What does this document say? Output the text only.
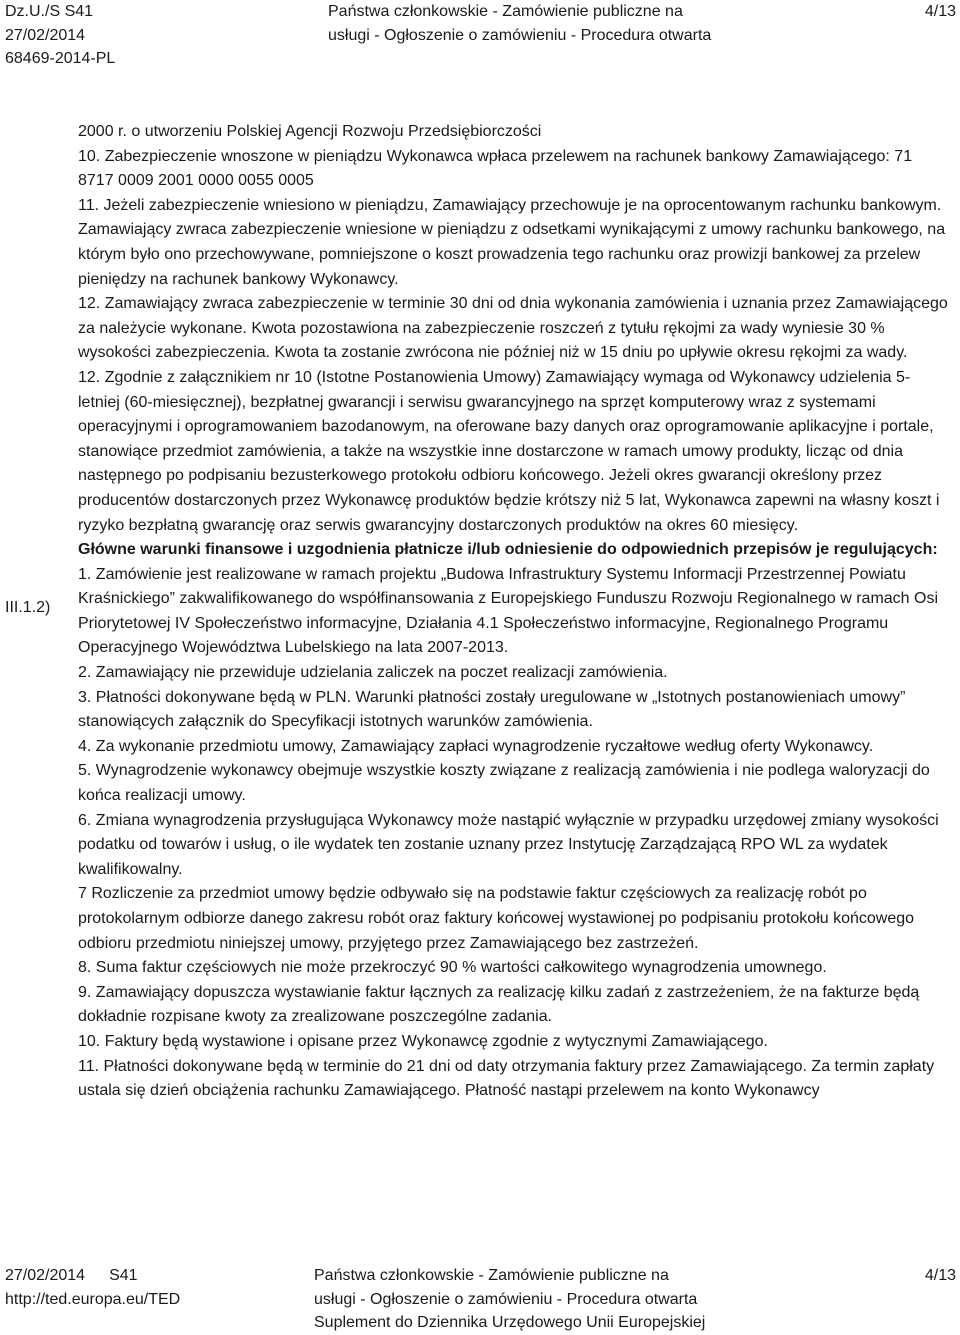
Dz.U./S S41
27/02/2014
68469-2014-PL
Państwa członkowskie - Zamówienie publiczne na
usługi - Ogłoszenie o zamówieniu - Procedura otwarta
4/13

2000 r. o utworzeniu Polskiej Agencji Rozwoju Przedsiębiorczości

10. Zabezpieczenie wnoszone w pieniądzu Wykonawca wpłaca przelewem na rachunek bankowy Zamawiającego: 71 8717 0009 2001 0000 0055 0005

11. Jeżeli zabezpieczenie wniesiono w pieniądzu, Zamawiający przechowuje je na oprocentowanym rachunku bankowym. Zamawiający zwraca zabezpieczenie wniesione w pieniądzu z odsetkami wynikającymi z umowy rachunku bankowego, na którym było ono przechowywane, pomniejszone o koszt prowadzenia tego rachunku oraz prowizji bankowej za przelew pieniędzy na rachunek bankowy Wykonawcy.

12. Zamawiający zwraca zabezpieczenie w terminie 30 dni od dnia wykonania zamówienia i uznania przez Zamawiającego za należycie wykonane. Kwota pozostawiona na zabezpieczenie roszczeń z tytułu rękojmi za wady wyniesie 30 % wysokości zabezpieczenia. Kwota ta zostanie zwrócona nie później niż w 15 dniu po upływie okresu rękojmi za wady.

12. Zgodnie z załącznikiem nr 10 (Istotne Postanowienia Umowy) Zamawiający wymaga od Wykonawcy udzielenia 5-letniej (60-miesięcznej), bezpłatnej gwarancji i serwisu gwarancyjnego na sprzęt komputerowy wraz z systemami operacyjnymi i oprogramowaniem bazodanowym, na oferowane bazy danych oraz oprogramowanie aplikacyjne i portale, stanowiące przedmiot zamówienia, a także na wszystkie inne dostarczone w ramach umowy produkty, licząc od dnia następnego po podpisaniu bezusterkowego protokołu odbioru końcowego. Jeżeli okres gwarancji określony przez producentów dostarczonych przez Wykonawcę produktów będzie krótszy niż 5 lat, Wykonawca zapewni na własny koszt i ryzyko bezpłatną gwarancję oraz serwis gwarancyjny dostarczonych produktów na okres 60 miesięcy.

Główne warunki finansowe i uzgodnienia płatnicze i/lub odniesienie do odpowiednich przepisów je regulujących:

1. Zamówienie jest realizowane w ramach projektu „Budowa Infrastruktury Systemu Informacji Przestrzennej Powiatu Kraśnickiego” zakwalifikowanego do współfinansowania z Europejskiego Funduszu Rozwoju Regionalnego w ramach Osi Priorytetowej IV Społeczeństwo informacyjne, Działania 4.1 Społeczeństwo informacyjne, Regionalnego Programu Operacyjnego Województwa Lubelskiego na lata 2007-2013.

2. Zamawiający nie przewiduje udzielania zaliczek na poczet realizacji zamówienia.

3. Płatności dokonywane będą w PLN. Warunki płatności zostały uregulowane w „Istotnych postanowieniach umowy” stanowiących załącznik do Specyfikacji istotnych warunków zamówienia.

4. Za wykonanie przedmiotu umowy, Zamawiający zapłaci wynagrodzenie ryczałtowe według oferty Wykonawcy.

5. Wynagrodzenie wykonawcy obejmuje wszystkie koszty związane z realizacją zamówienia i nie podlega waloryzacji do końca realizacji umowy.

6. Zmiana wynagrodzenia przysługująca Wykonawcy może nastąpić wyłącznie w przypadku urzędowej zmiany wysokości podatku od towarów i usług, o ile wydatek ten zostanie uznany przez Instytucję Zarządzającą RPO WL za wydatek kwalifikowalny.

7 Rozliczenie za przedmiot umowy będzie odbywało się na podstawie faktur częściowych za realizację robót po protokolarnym odbiorze danego zakresu robót oraz faktury końcowej wystawionej po podpisaniu protokołu końcowego odbioru przedmiotu niniejszej umowy, przyjętego przez Zamawiającego bez zastrzeżeń.

8. Suma faktur częściowych nie może przekroczyć 90 % wartości całkowitego wynagrodzenia umownego.

9. Zamawiający dopuszcza wystawianie faktur łącznych za realizację kilku zadań z zastrzeżeniem, że na fakturze będą dokładnie rozpisane kwoty za zrealizowane poszczególne zadania.

10. Faktury będą wystawione i opisane przez Wykonawcę zgodnie z wytycznymi Zamawiającego.

11. Płatności dokonywane będą w terminie do 21 dni od daty otrzymania faktury przez Zamawiającego. Za termin zapłaty ustala się dzień obciążenia rachunku Zamawiającego. Płatność nastąpi przelewem na konto Wykonawcy

III.1.2)
27/02/2014 S41
http://ted.europa.eu/TED
Państwa członkowskie - Zamówienie publiczne na
usługi - Ogłoszenie o zamówieniu - Procedura otwarta
Suplement do Dziennika Urzędowego Unii Europejskiej
4/13
